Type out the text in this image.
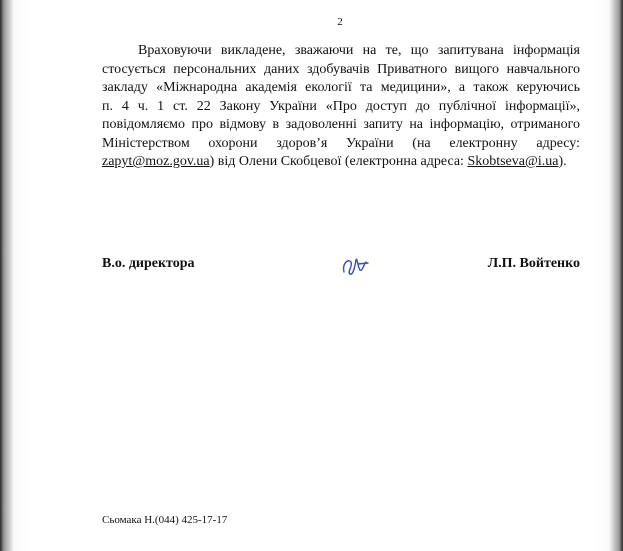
2
Враховуючи викладене, зважаючи на те, що запитувана інформація
стосується персональних даних здобувачів Приватного вищого навчального
закладу «Міжнародна академія екології та медицини», а також керуючись
п. 4 ч. 1 ст. 22 Закону України «Про доступ до публічної інформації»,
повідомляємо про відмову в задоволенні запиту на інформацію, отриманого
Міністерством охорони здоров’я України (на електронну адресу:
zapyt@moz.gov.ua) від Олени Скобцевої (електронна адреса: Skobtseva@i.ua).
В.о. директора	Л.П. Войтенко
Сьомака Н.(044) 425-17-17
